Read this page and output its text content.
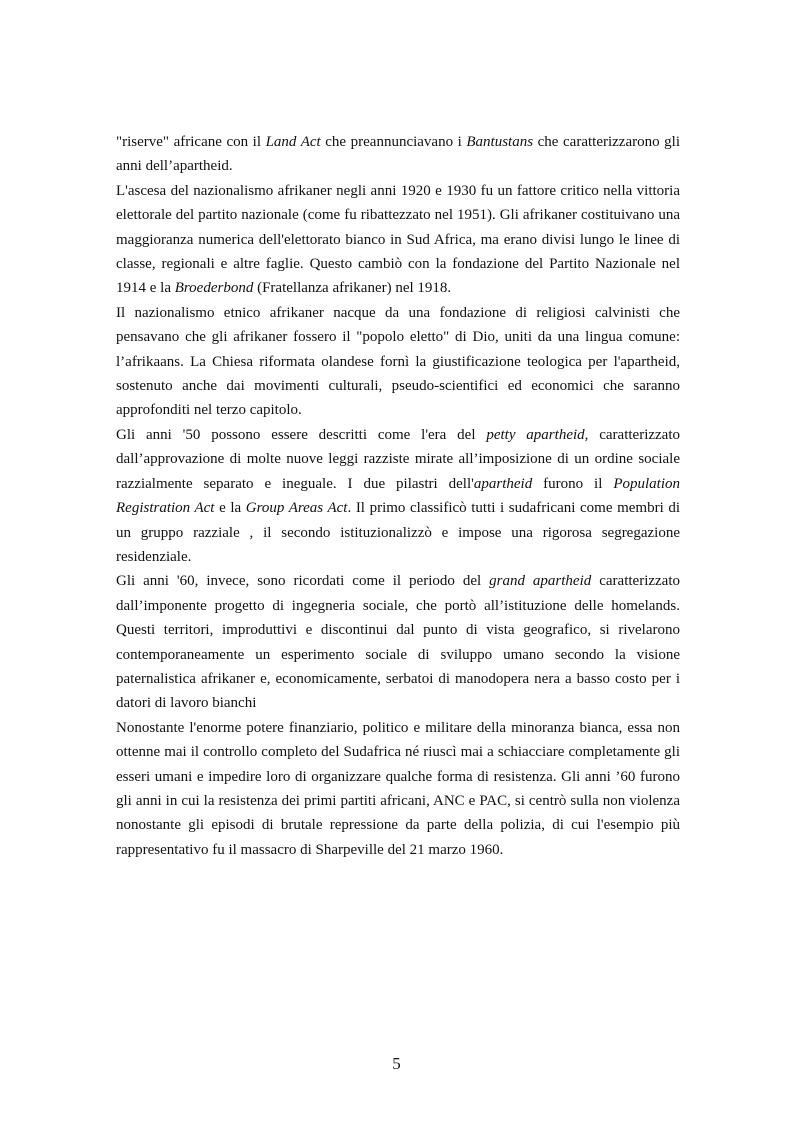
"riserve" africane con il Land Act che preannunciavano i Bantustans che caratterizzarono gli anni dell’apartheid.

L'ascesa del nazionalismo afrikaner negli anni 1920 e 1930 fu un fattore critico nella vittoria elettorale del partito nazionale (come fu ribattezzato nel 1951). Gli afrikaner costituivano una maggioranza numerica dell'elettorato bianco in Sud Africa, ma erano divisi lungo le linee di classe, regionali e altre faglie. Questo cambiò con la fondazione del Partito Nazionale nel 1914 e la Broederbond (Fratellanza afrikaner) nel 1918.

Il nazionalismo etnico afrikaner nacque da una fondazione di religiosi calvinisti che pensavano che gli afrikaner fossero il "popolo eletto" di Dio, uniti da una lingua comune: l’afrikaans. La Chiesa riformata olandese fornì la giustificazione teologica per l'apartheid, sostenuto anche dai movimenti culturali, pseudo-scientifici ed economici che saranno approfonditi nel terzo capitolo.

Gli anni '50 possono essere descritti come l'era del petty apartheid, caratterizzato dall’approvazione di molte nuove leggi razziste mirate all’imposizione di un ordine sociale razzialmente separato e ineguale. I due pilastri dell'apartheid furono il Population Registration Act e la Group Areas Act. Il primo classificò tutti i sudafricani come membri di un gruppo razziale , il secondo istituzionalizzò e impose una rigorosa segregazione residenziale.

Gli anni '60, invece, sono ricordati come il periodo del grand apartheid caratterizzato dall’imponente progetto di ingegneria sociale, che portò all’istituzione delle homelands. Questi territori, improduttivi e discontinui dal punto di vista geografico, si rivelarono contemporaneamente un esperimento sociale di sviluppo umano secondo la visione paternalistica afrikaner e, economicamente, serbatoi di manodopera nera a basso costo per i datori di lavoro bianchi

Nonostante l'enorme potere finanziario, politico e militare della minoranza bianca, essa non ottenne mai il controllo completo del Sudafrica né riuscì mai a schiacciare completamente gli esseri umani e impedire loro di organizzare qualche forma di resistenza. Gli anni ’60 furono gli anni in cui la resistenza dei primi partiti africani, ANC e PAC, si centrò sulla non violenza nonostante gli episodi di brutale repressione da parte della polizia, di cui l'esempio più rappresentativo fu il massacro di Sharpeville del 21 marzo 1960.

5
